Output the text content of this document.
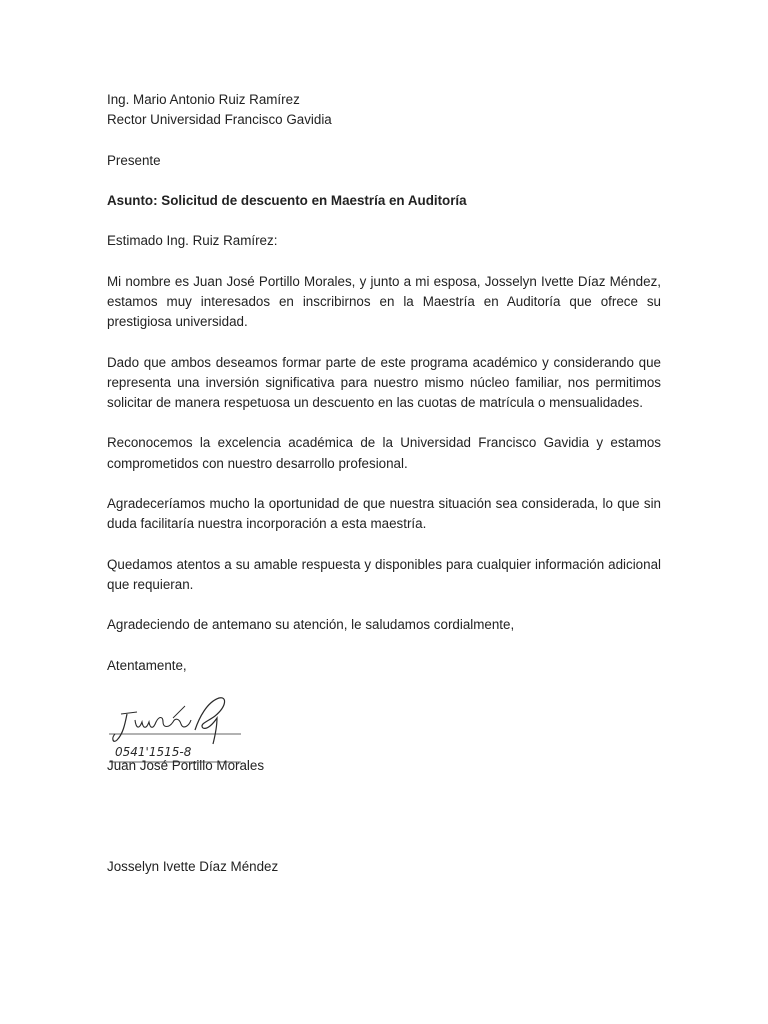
Ing. Mario Antonio Ruiz Ramírez
Rector Universidad Francisco Gavidia

Presente

Asunto: Solicitud de descuento en Maestría en Auditoría

Estimado Ing. Ruiz Ramírez:

Mi nombre es Juan José Portillo Morales, y junto a mi esposa, Josselyn Ivette Díaz Méndez, estamos muy interesados en inscribirnos en la Maestría en Auditoría que ofrece su prestigiosa universidad.

Dado que ambos deseamos formar parte de este programa académico y considerando que representa una inversión significativa para nuestro mismo núcleo familiar, nos permitimos solicitar de manera respetuosa un descuento en las cuotas de matrícula o mensualidades.

Reconocemos la excelencia académica de la Universidad Francisco Gavidia y estamos comprometidos con nuestro desarrollo profesional.

Agradeceríamos mucho la oportunidad de que nuestra situación sea considerada, lo que sin duda facilitaría nuestra incorporación a esta maestría.

Quedamos atentos a su amable respuesta y disponibles para cualquier información adicional que requieran.

Agradeciendo de antemano su atención, le saludamos cordialmente,

Atentamente,

0541'1515-8

Juan José Portillo Morales

Josselyn Ivette Díaz Méndez
